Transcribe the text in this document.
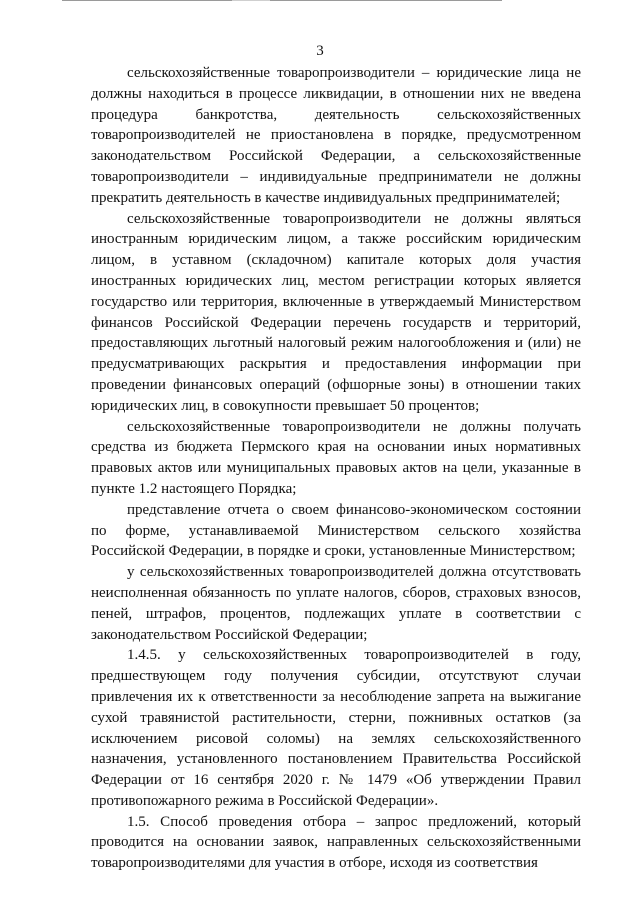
3

сельскохозяйственные товаропроизводители – юридические лица не должны находиться в процессе ликвидации, в отношении них не введена процедура банкротства, деятельность сельскохозяйственных товаропроизводителей не приостановлена в порядке, предусмотренном законодательством Российской Федерации, а сельскохозяйственные товаропроизводители – индивидуальные предприниматели не должны прекратить деятельность в качестве индивидуальных предпринимателей;

сельскохозяйственные товаропроизводители не должны являться иностранным юридическим лицом, а также российским юридическим лицом, в уставном (складочном) капитале которых доля участия иностранных юридических лиц, местом регистрации которых является государство или территория, включенные в утверждаемый Министерством финансов Российской Федерации перечень государств и территорий, предоставляющих льготный налоговый режим налогообложения и (или) не предусматривающих раскрытия и предоставления информации при проведении финансовых операций (офшорные зоны) в отношении таких юридических лиц, в совокупности превышает 50 процентов;

сельскохозяйственные товаропроизводители не должны получать средства из бюджета Пермского края на основании иных нормативных правовых актов или муниципальных правовых актов на цели, указанные в пункте 1.2 настоящего Порядка;

представление отчета о своем финансово-экономическом состоянии по форме, устанавливаемой Министерством сельского хозяйства Российской Федерации, в порядке и сроки, установленные Министерством;

у сельскохозяйственных товаропроизводителей должна отсутствовать неисполненная обязанность по уплате налогов, сборов, страховых взносов, пеней, штрафов, процентов, подлежащих уплате в соответствии с законодательством Российской Федерации;

1.4.5. у сельскохозяйственных товаропроизводителей в году, предшествующем году получения субсидии, отсутствуют случаи привлечения их к ответственности за несоблюдение запрета на выжигание сухой травянистой растительности, стерни, пожнивных остатков (за исключением рисовой соломы) на землях сельскохозяйственного назначения, установленного постановлением Правительства Российской Федерации от 16 сентября 2020 г. № 1479 «Об утверждении Правил противопожарного режима в Российской Федерации».

1.5. Способ проведения отбора – запрос предложений, который проводится на основании заявок, направленных сельскохозяйственными товаропроизводителями для участия в отборе, исходя из соответствия
